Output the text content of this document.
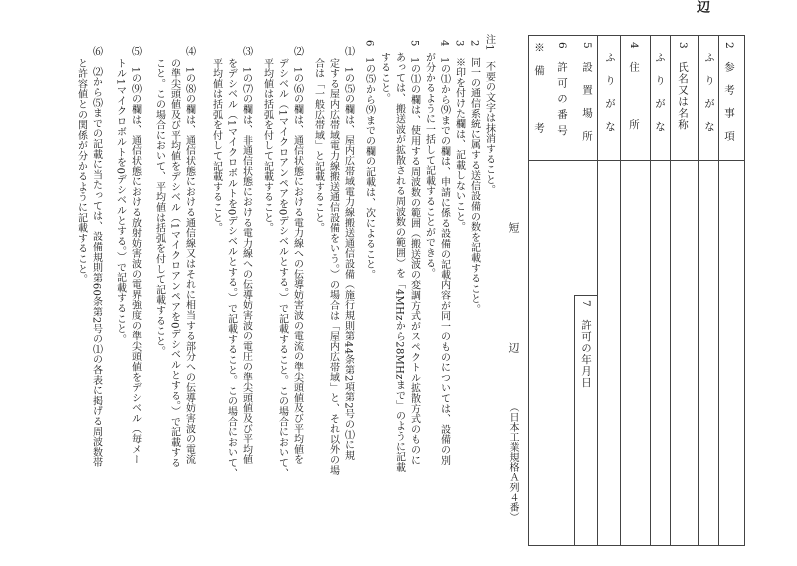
辺
2　参　考　事　項
ふ　り　が　な
3　氏名又は名称
ふ　り　が　な
4　住　　　　所
ふ　り　が　な
5　設　置　場　所
6　許 可 の 番 号
※　備　　　　考
7　許可の年月日
短　　　　　　　　　辺
（日本工業規格Ａ列４番）
注1　不要の文字は抹消すること。
2　同一の通信系統に属する送信設備の数を記載すること。
3　※印を付けた欄は、記載しないこと。
4　1の⑴から⑼までの欄は、申請に係る設備の記載内容が同一のものについては、設備の別
が分かるように一括して記載することができる。
5　1の⑴の欄は、使用する周波数の範囲（搬送波の変調方式がスペクトル拡散方式のものに
あっては、搬送波が拡散される周波数の範囲）を「4MHzから28MHzまで」のように記載
すること。
6　1の⑸から⑼までの欄の記載は、次によること。
⑴　1の⑸の欄は、屋内広帯域電力線搬送通信設備（施行規則第44条第2項第2号の⑴に規
定する屋内広帯域電力線搬送通信設備をいう。）の場合は「屋内広帯域」と、それ以外の場
合は「一般広帯域」と記載すること。
⑵　1の⑹の欄は、通信状態における電力線への伝導妨害波の電流の準尖頭値及び平均値を
デシベル（1マイクロアンペアを0デシベルとする。）で記載すること。この場合において、
平均値は括弧を付して記載すること。
⑶　1の⑺の欄は、非通信状態における電力線への伝導妨害波の電圧の準尖頭値及び平均値
をデシベル（1マイクロボルトを0デシベルとする。）で記載すること。この場合において、
平均値は括弧を付して記載すること。
⑷　1の⑻の欄は、通信状態における通信線又はそれに相当する部分への伝導妨害波の電流
の準尖頭値及び平均値をデシベル（1マイクロアンペアを0デシベルとする。）で記載する
こと。この場合において、平均値は括弧を付して記載すること。
⑸　1の⑼の欄は、通信状態における放射妨害波の電界強度の準尖頭値をデシベル（毎メー
トル1マイクロボルトを0デシベルとする。）で記載すること。
⑹　⑵から⑸までの記載に当たっては、設備規則第60条第2号の⑴の各表に掲げる周波数帯
と許容値との関係が分かるように記載すること。
